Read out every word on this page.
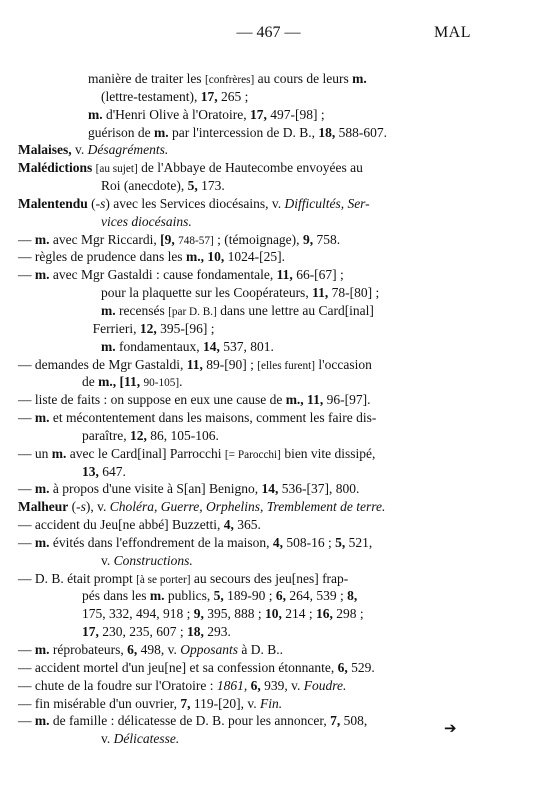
— 467 —	MAL
manière de traiter les [confrères] au cours de leurs m.
(lettre-testament), 17, 265 ;
m. d'Henri Olive à l'Oratoire, 17, 497-[98] ;
guérison de m. par l'intercession de D. B., 18, 588-607.
Malaises, v. Désagréments.
Malédictions [au sujet] de l'Abbaye de Hautecombe envoyées au
Roi (anecdote), 5, 173.
Malentendu (-s) avec les Services diocésains, v. Difficultés, Ser-
vices diocésains.
— m. avec Mgr Riccardi, [9, 748-57] ; (témoignage), 9, 758.
— règles de prudence dans les m., 10, 1024-[25].
— m. avec Mgr Gastaldi : cause fondamentale, 11, 66-[67] ;
pour la plaquette sur les Coopérateurs, 11, 78-[80] ;
m. recensés [par D. B.] dans une lettre au Card[inal]
Ferrieri, 12, 395-[96] ;
m. fondamentaux, 14, 537, 801.
— demandes de Mgr Gastaldi, 11, 89-[90] ; [elles furent] l'occasion
de m., [11, 90-105].
— liste de faits : on suppose en eux une cause de m., 11, 96-[97].
— m. et mécontentement dans les maisons, comment les faire dis-
paraître, 12, 86, 105-106.
— un m. avec le Card[inal] Parrocchi [= Parocchi] bien vite dissipé,
13, 647.
— m. à propos d'une visite à S[an] Benigno, 14, 536-[37], 800.
Malheur (-s), v. Choléra, Guerre, Orphelins, Tremblement de terre.
— accident du Jeu[ne abbé] Buzzetti, 4, 365.
— m. évités dans l'effondrement de la maison, 4, 508-16 ; 5, 521,
v. Constructions.
— D. B. était prompt [à se porter] au secours des jeu[nes] frap-
pés dans les m. publics, 5, 189-90 ; 6, 264, 539 ; 8,
175, 332, 494, 918 ; 9, 395, 888 ; 10, 214 ; 16, 298 ;
17, 230, 235, 607 ; 18, 293.
— m. réprobateurs, 6, 498, v. Opposants à D. B..
— accident mortel d'un jeu[ne] et sa confession étonnante, 6, 529.
— chute de la foudre sur l'Oratoire : 1861, 6, 939, v. Foudre.
— fin misérable d'un ouvrier, 7, 119-[20], v. Fin.
— m. de famille : délicatesse de D. B. pour les annoncer, 7, 508,
v. Délicatesse.
➔
